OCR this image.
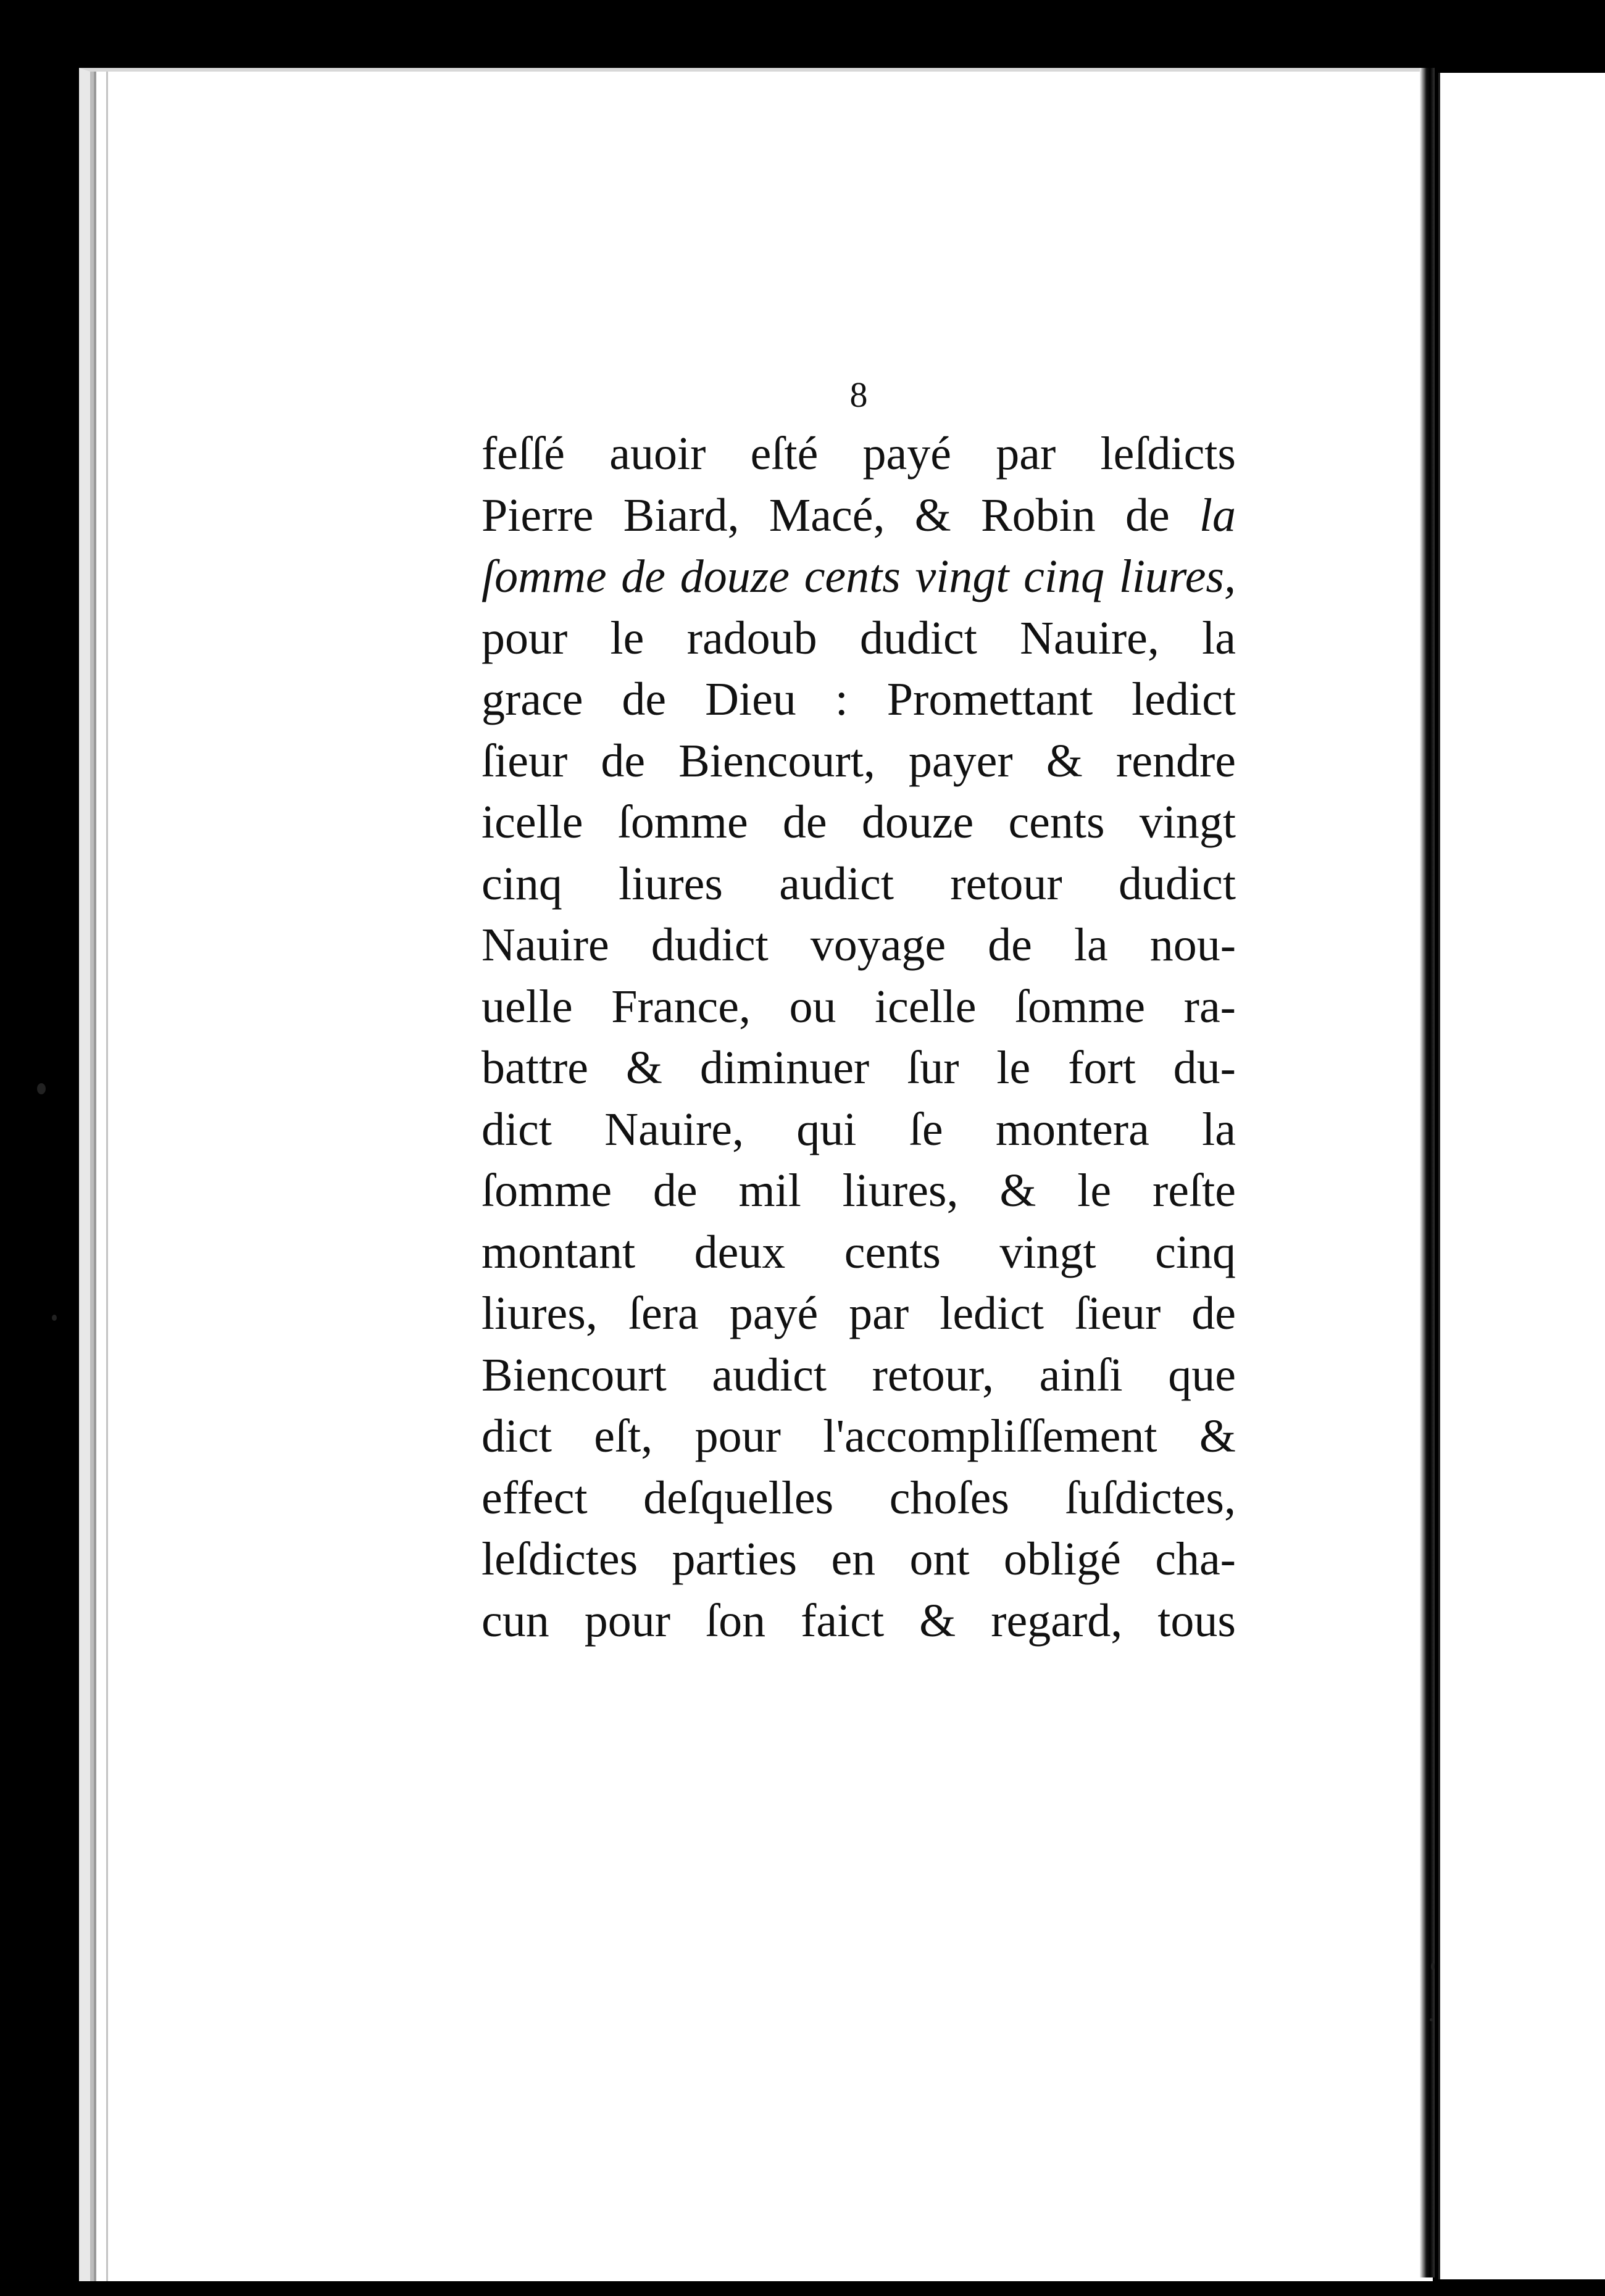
8
feſſé auoir eſté payé par leſdicts
Pierre Biard, Macé, & Robin de la
ſomme de douze cents vingt cinq liures,
pour le radoub dudict Nauire, la
grace de Dieu : Promettant ledict
ſieur de Biencourt, payer & rendre
icelle ſomme de douze cents vingt
cinq liures audict retour dudict
Nauire dudict voyage de la nou-
uelle France, ou icelle ſomme ra-
battre & diminuer ſur le fort du-
dict Nauire, qui ſe montera la
ſomme de mil liures, & le reſte
montant deux cents vingt cinq
liures, ſera payé par ledict ſieur de
Biencourt audict retour, ainſi que
dict eſt, pour l'accompliſſement &
effect deſquelles choſes ſuſdictes,
leſdictes parties en ont obligé cha-
cun pour ſon faict & regard, tous
